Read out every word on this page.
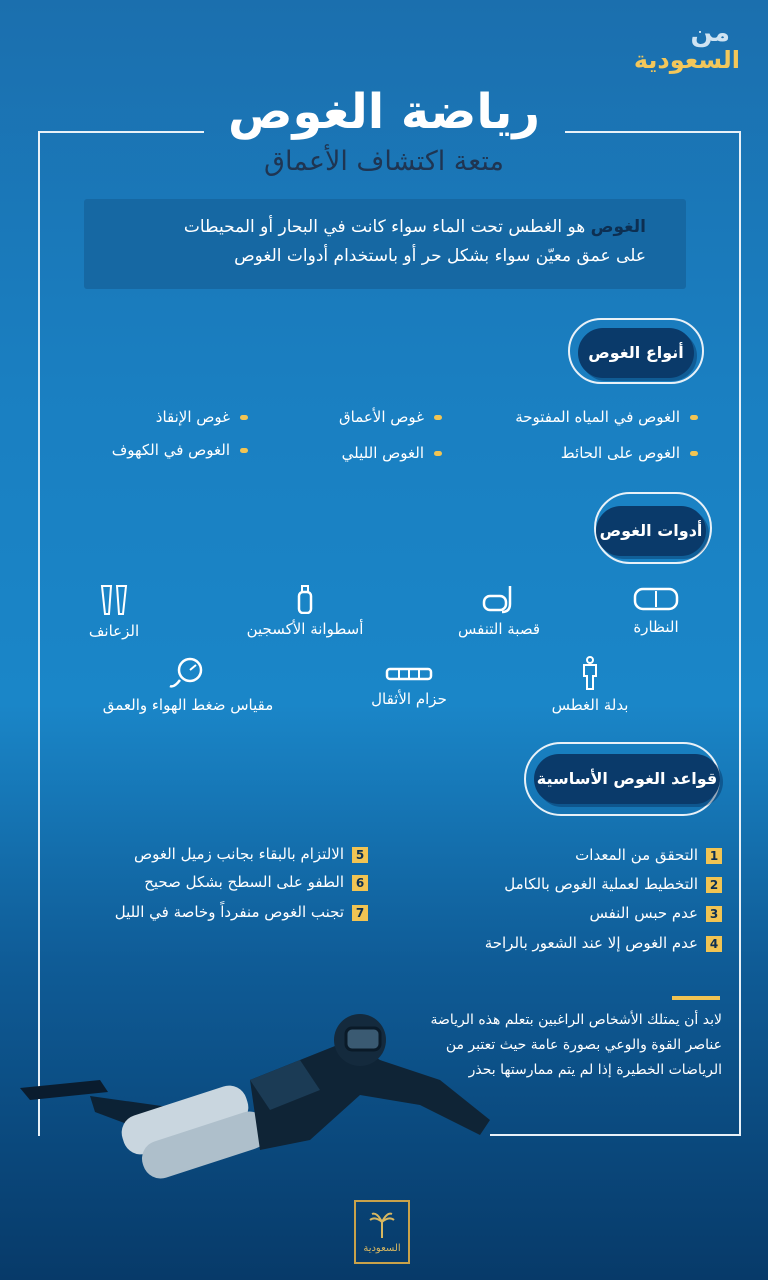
من
السعودية
رياضة الغوص
متعة اكتشاف الأعماق
الغوص هو الغطس تحت الماء سواء كانت في البحار أو المحيطات
على عمق معيّن سواء بشكل حر أو باستخدام أدوات الغوص
أنواع الغوص
الغوص في المياه المفتوحة
غوص الأعماق
غوص الإنقاذ
الغوص على الحائط
الغوص الليلي
الغوص في الكهوف
أدوات الغوص
النظارة
قصبة التنفس
أسطوانة الأكسجين
الزعانف
بدلة الغطس
حزام الأثقال
مقياس ضغط الهواء والعمق
قواعد الغوص الأساسية
1التحقق من المعدات
2التخطيط لعملية الغوص بالكامل
3عدم حبس النفس
4عدم الغوص إلا عند الشعور بالراحة
5الالتزام بالبقاء بجانب زميل الغوص
6الطفو على السطح بشكل صحيح
7تجنب الغوص منفرداً وخاصة في الليل
لابد أن يمتلك الأشخاص الراغبين بتعلم هذه الرياضة
عناصر القوة والوعي بصورة عامة حيث تعتبر من
الرياضات الخطيرة إذا لم يتم ممارستها بحذر
السعودية
